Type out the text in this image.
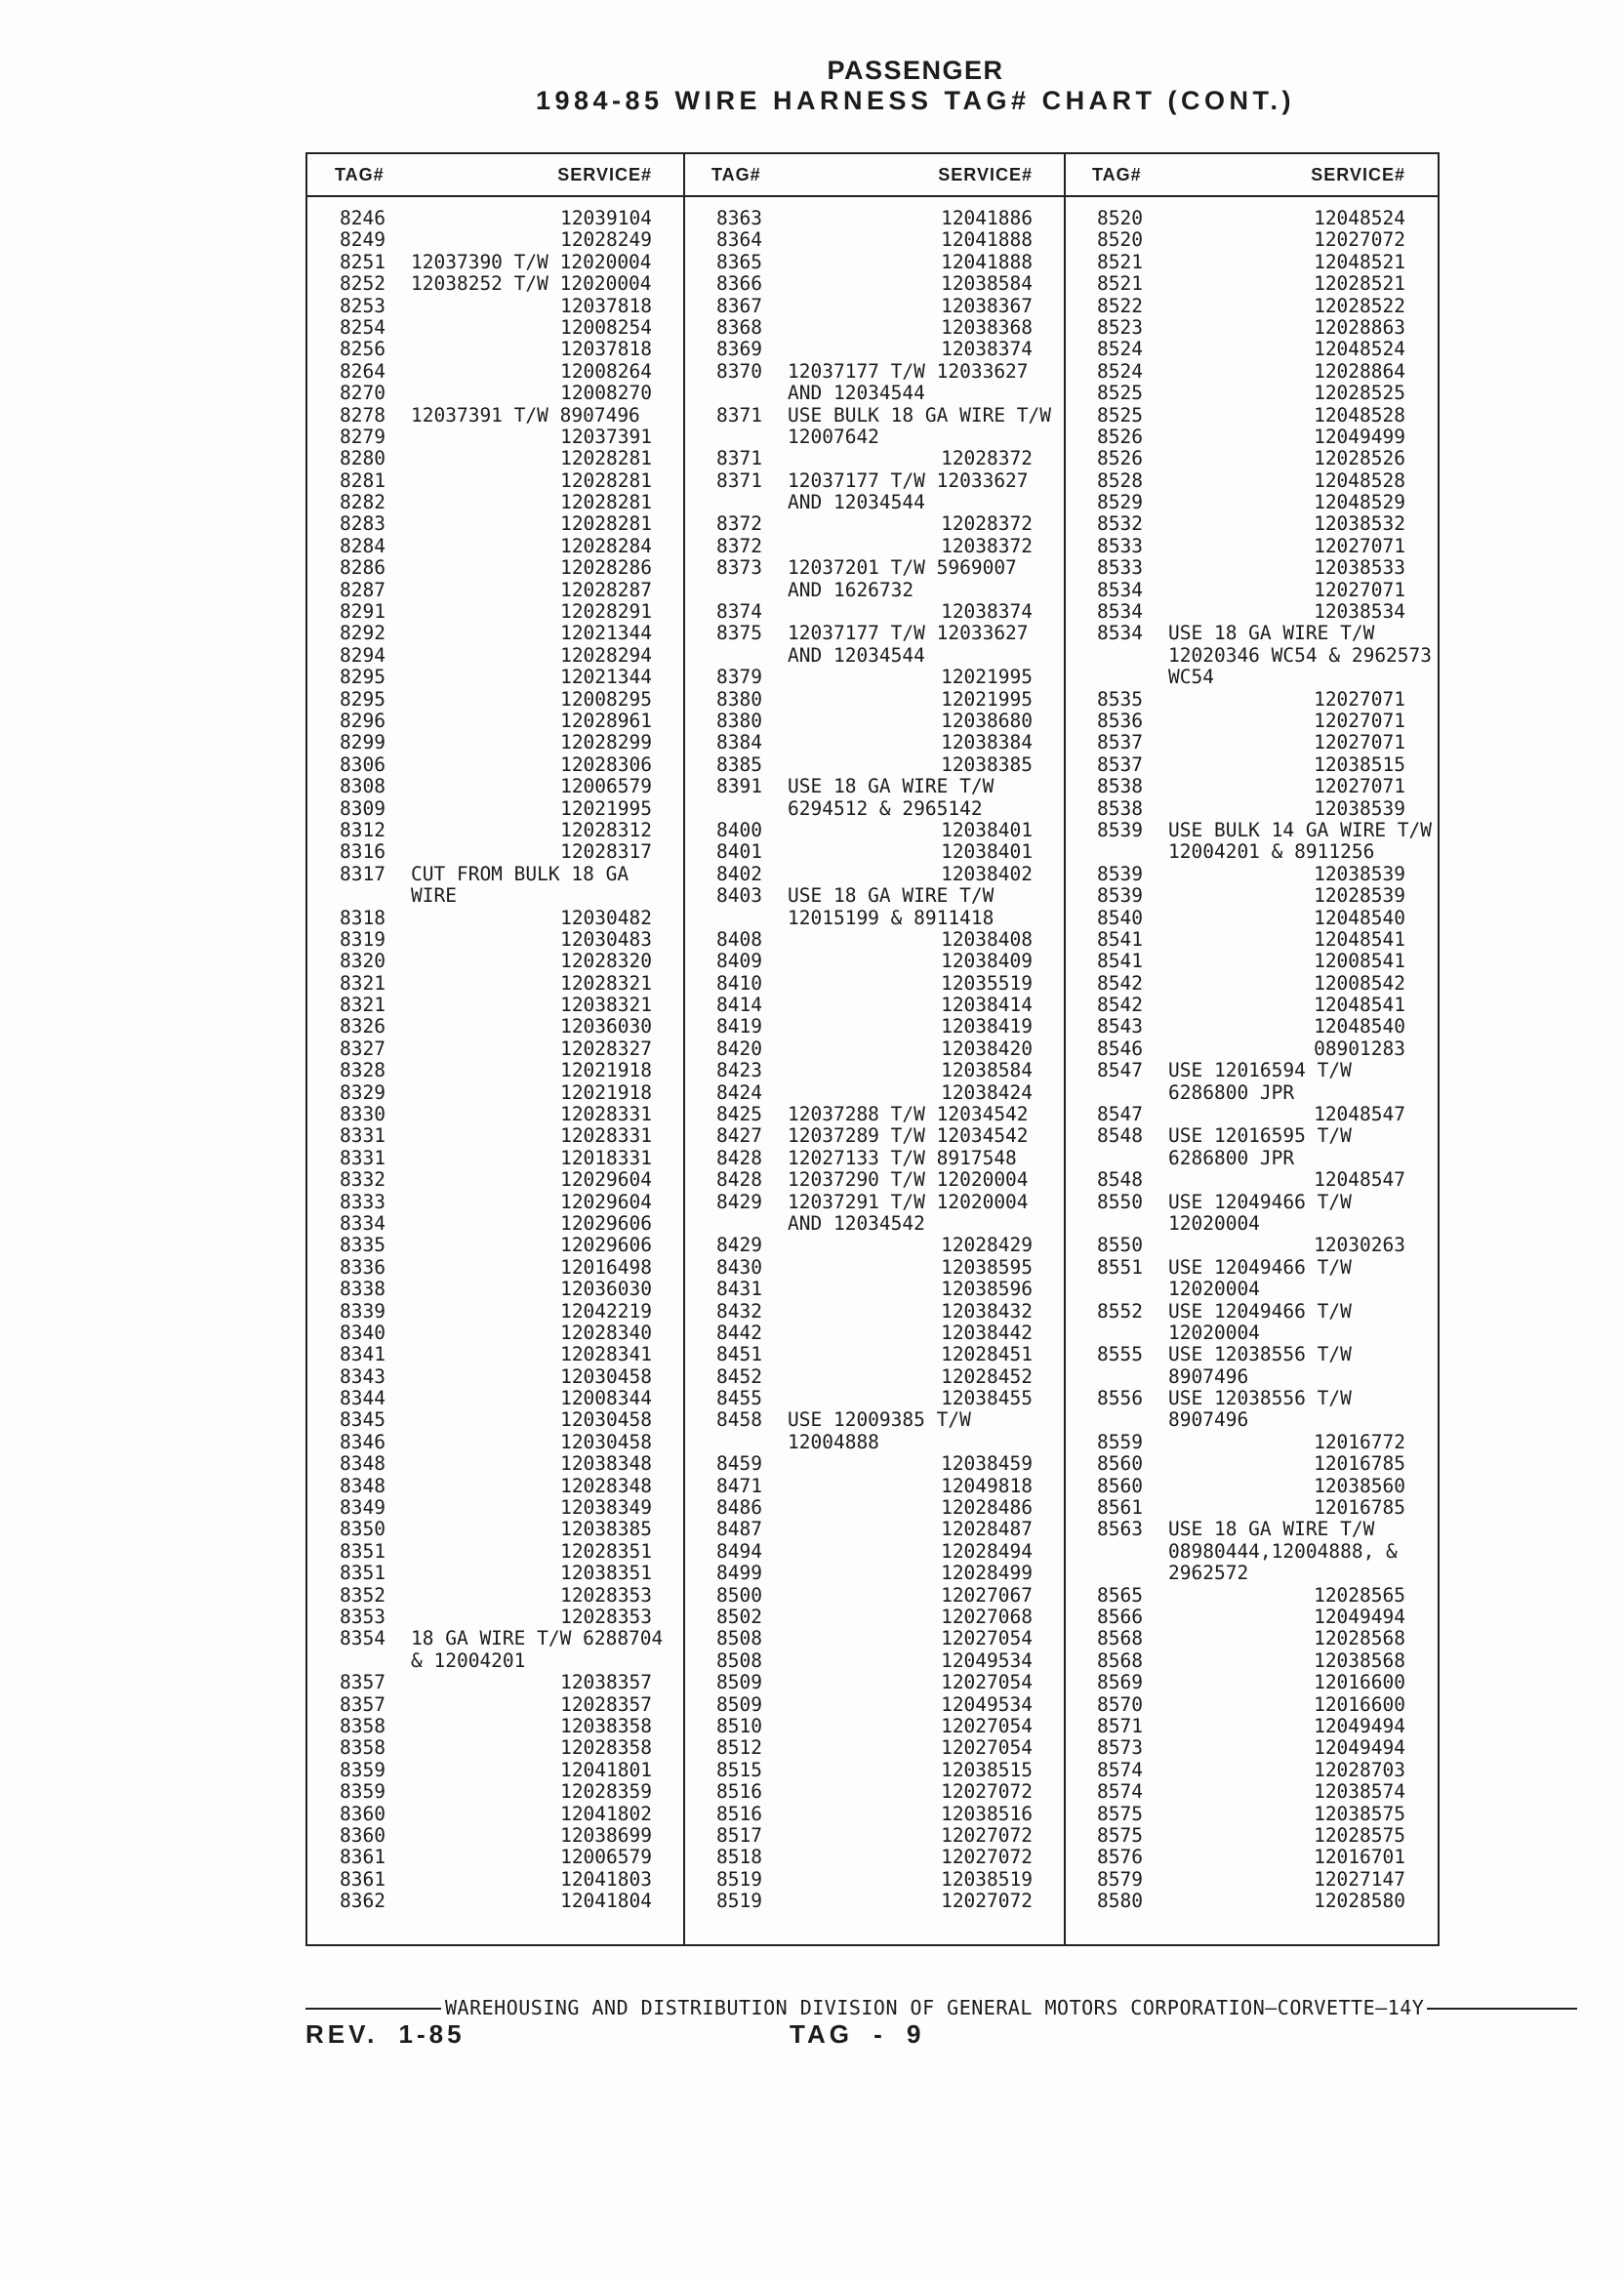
PASSENGER
1984-85 WIRE HARNESS TAG# CHART (CONT.)
TAG#	SERVICE#	TAG#	SERVICE#	TAG#	SERVICE#
8246	12039104
8249	12028249
8251 12037390 T/W 12020004
8252 12038252 T/W 12020004
8253	12037818
8254	12008254
8256	12037818
8264	12008264
8270	12008270
8278 12037391 T/W 8907496
8279	12037391
8280	12028281
8281	12028281
8282	12028281
8283	12028281
8284	12028284
8286	12028286
8287	12028287
8291	12028291
8292	12021344
8294	12028294
8295	12021344
8295	12008295
8296	12028961
8299	12028299
8306	12028306
8308	12006579
8309	12021995
8312	12028312
8316	12028317
8317 CUT FROM BULK 18 GA
WIRE
8318	12030482
8319	12030483
8320	12028320
8321	12028321
8321	12038321
8326	12036030
8327	12028327
8328	12021918
8329	12021918
8330	12028331
8331	12028331
8331	12018331
8332	12029604
8333	12029604
8334	12029606
8335	12029606
8336	12016498
8338	12036030
8339	12042219
8340	12028340
8341	12028341
8343	12030458
8344	12008344
8345	12030458
8346	12030458
8348	12038348
8348	12028348
8349	12038349
8350	12038385
8351	12028351
8351	12038351
8352	12028353
8353	12028353
8354 18 GA WIRE T/W 6288704
& 12004201
8357	12038357
8357	12028357
8358	12038358
8358	12028358
8359	12041801
8359	12028359
8360	12041802
8360	12038699
8361	12006579
8361	12041803
8362	12041804
8363	12041886
8364	12041888
8365	12041888
8366	12038584
8367	12038367
8368	12038368
8369	12038374
8370 12037177 T/W 12033627
AND 12034544
8371 USE BULK 18 GA WIRE T/W
12007642
8371	12028372
8371 12037177 T/W 12033627
AND 12034544
8372	12028372
8372	12038372
8373 12037201 T/W 5969007
AND 1626732
8374	12038374
8375 12037177 T/W 12033627
AND 12034544
8379	12021995
8380	12021995
8380	12038680
8384	12038384
8385	12038385
8391 USE 18 GA WIRE T/W
6294512 & 2965142
8400	12038401
8401	12038401
8402	12038402
8403 USE 18 GA WIRE T/W
12015199 & 8911418
8408	12038408
8409	12038409
8410	12035519
8414	12038414
8419	12038419
8420	12038420
8423	12038584
8424	12038424
8425 12037288 T/W 12034542
8427 12037289 T/W 12034542
8428 12027133 T/W 8917548
8428 12037290 T/W 12020004
8429 12037291 T/W 12020004
AND 12034542
8429	12028429
8430	12038595
8431	12038596
8432	12038432
8442	12038442
8451	12028451
8452	12028452
8455	12038455
8458 USE 12009385 T/W
12004888
8459	12038459
8471	12049818
8486	12028486
8487	12028487
8494	12028494
8499	12028499
8500	12027067
8502	12027068
8508	12027054
8508	12049534
8509	12027054
8509	12049534
8510	12027054
8512	12027054
8515	12038515
8516	12027072
8516	12038516
8517	12027072
8518	12027072
8519	12038519
8519	12027072
8520	12048524
8520	12027072
8521	12048521
8521	12028521
8522	12028522
8523	12028863
8524	12048524
8524	12028864
8525	12028525
8525	12048528
8526	12049499
8526	12028526
8528	12048528
8529	12048529
8532	12038532
8533	12027071
8533	12038533
8534	12027071
8534	12038534
8534 USE 18 GA WIRE T/W
12020346 WC54 & 2962573
WC54
8535	12027071
8536	12027071
8537	12027071
8537	12038515
8538	12027071
8538	12038539
8539 USE BULK 14 GA WIRE T/W
12004201 & 8911256
8539	12038539
8539	12028539
8540	12048540
8541	12048541
8541	12008541
8542	12008542
8542	12048541
8543	12048540
8546	08901283
8547 USE 12016594 T/W
6286800 JPR
8547	12048547
8548 USE 12016595 T/W
6286800 JPR
8548	12048547
8550 USE 12049466 T/W
12020004
8550	12030263
8551 USE 12049466 T/W
12020004
8552 USE 12049466 T/W
12020004
8555 USE 12038556 T/W
8907496
8556 USE 12038556 T/W
8907496
8559	12016772
8560	12016785
8560	12038560
8561	12016785
8563 USE 18 GA WIRE T/W
08980444,12004888, &
2962572
8565	12028565
8566	12049494
8568	12028568
8568	12038568
8569	12016600
8570	12016600
8571	12049494
8573	12049494
8574	12028703
8574	12038574
8575	12038575
8575	12028575
8576	12016701
8579	12027147
8580	12028580
WAREHOUSING AND DISTRIBUTION DIVISION OF GENERAL MOTORS CORPORATION—CORVETTE—14Y
REV. 1-85	TAG - 9
